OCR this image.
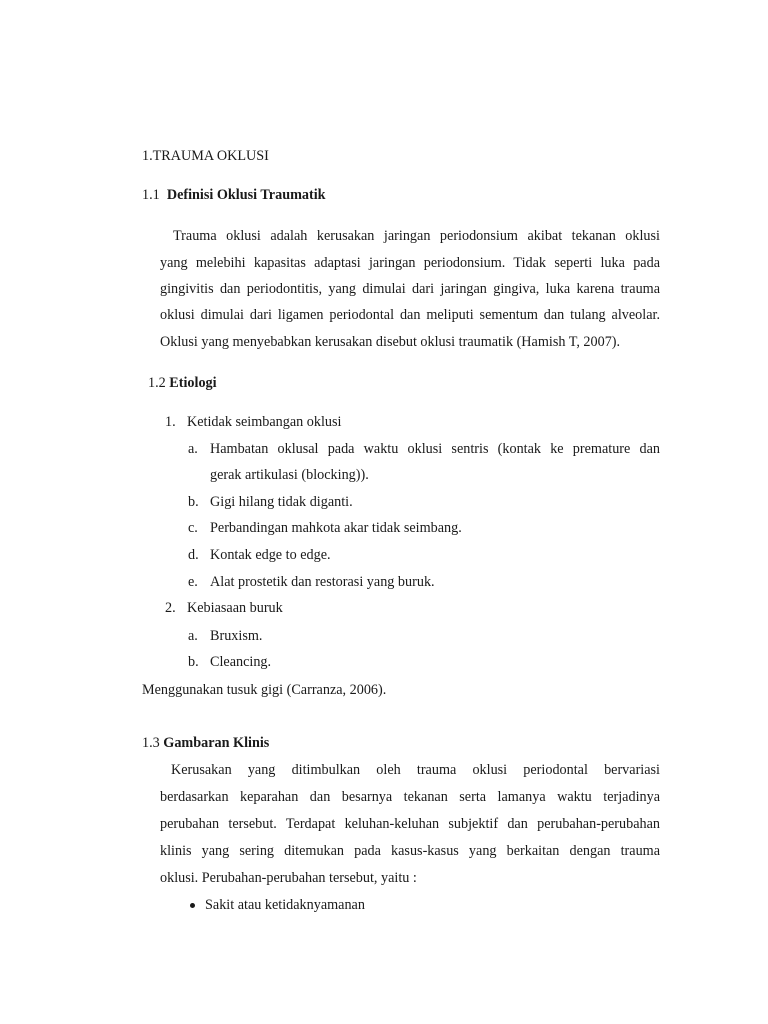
1.TRAUMA OKLUSI
1.1 Definisi Oklusi Traumatik
Trauma oklusi adalah kerusakan jaringan periodonsium akibat tekanan oklusi
yang melebihi kapasitas adaptasi jaringan periodonsium. Tidak seperti luka pada
gingivitis dan periodontitis, yang dimulai dari jaringan gingiva, luka karena trauma
oklusi dimulai dari ligamen periodontal dan meliputi sementum dan tulang alveolar.
Oklusi yang menyebabkan kerusakan disebut oklusi traumatik (Hamish T, 2007).
1.2 Etiologi
1. Ketidak seimbangan oklusi
a. Hambatan oklusal pada waktu oklusi sentris (kontak ke premature dan
gerak artikulasi (blocking)).
b. Gigi hilang tidak diganti.
c. Perbandingan mahkota akar tidak seimbang.
d. Kontak edge to edge.
e. Alat prostetik dan restorasi yang buruk.
2. Kebiasaan buruk
a. Bruxism.
b. Cleancing.
Menggunakan tusuk gigi (Carranza, 2006).
1.3 Gambaran Klinis
Kerusakan yang ditimbulkan oleh trauma oklusi periodontal bervariasi
berdasarkan keparahan dan besarnya tekanan serta lamanya waktu terjadinya
perubahan tersebut. Terdapat keluhan-keluhan subjektif dan perubahan-perubahan
klinis yang sering ditemukan pada kasus-kasus yang berkaitan dengan trauma
oklusi. Perubahan-perubahan tersebut, yaitu :
Sakit atau ketidaknyamanan
